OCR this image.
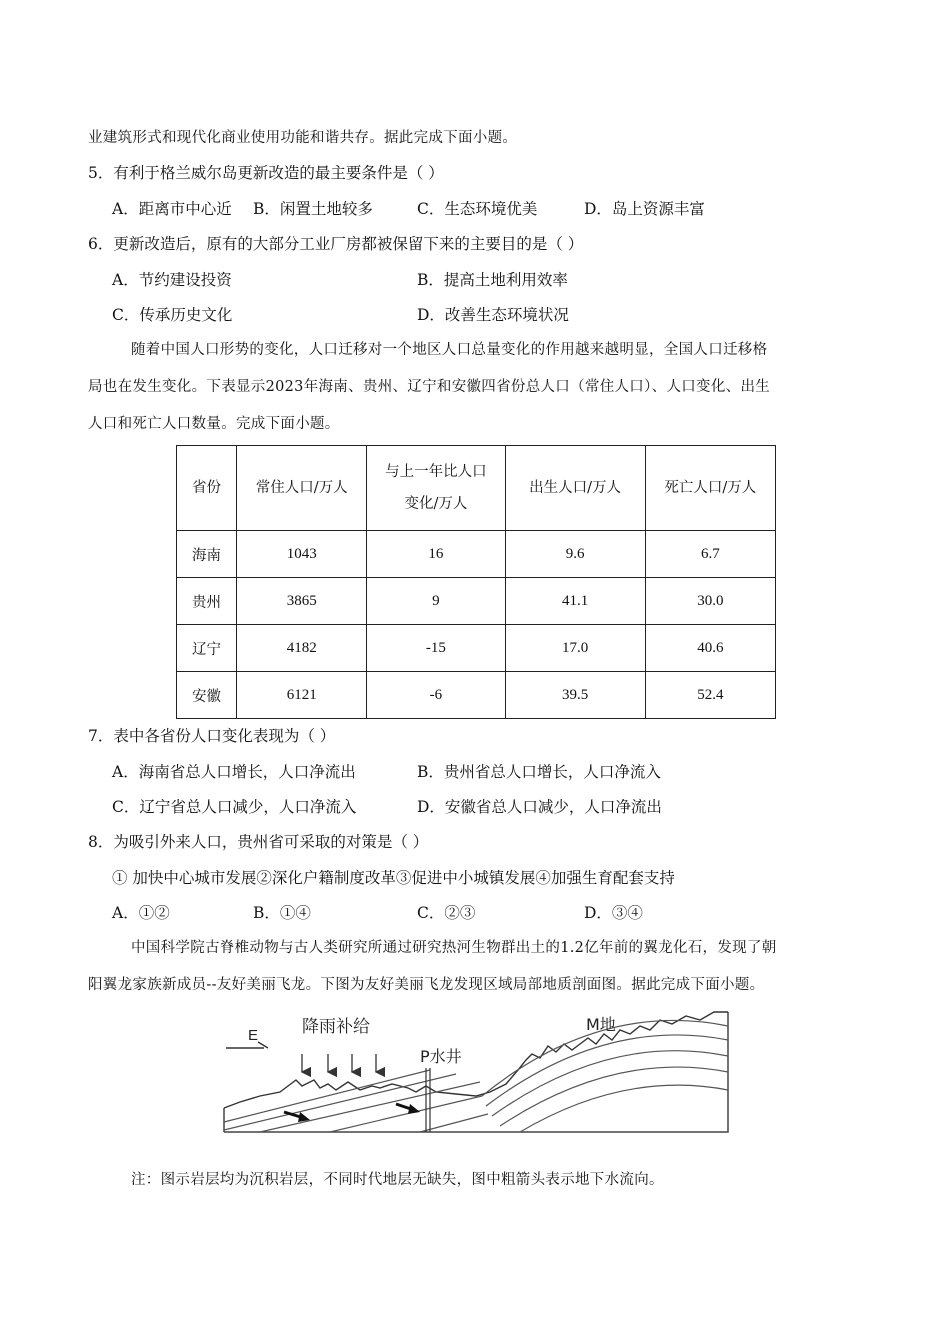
业建筑形式和现代化商业使用功能和谐共存。据此完成下面小题。
5．有利于格兰威尔岛更新改造的最主要条件是（ ）
A．距离市中心近 B．闲置土地较多	C．生态环境优美	D．岛上资源丰富
6．更新改造后，原有的大部分工业厂房都被保留下来的主要目的是（ ）
A．节约建设投资	B．提高土地利用效率
C．传承历史文化	D．改善生态环境状况
随着中国人口形势的变化，人口迁移对一个地区人口总量变化的作用越来越明显，全国人口迁移格
局也在发生变化。下表显示2023年海南、贵州、辽宁和安徽四省份总人口（常住人口）、人口变化、出生
人口和死亡人口数量。完成下面小题。
省份	常住人口/万人	与上一年比人口
变化/万人	出生人口/万人	死亡人口/万人
海南	1043	16	9.6	6.7
贵州	3865	9	41.1	30.0
辽宁	4182	-15	17.0	40.6
安徽	6121	-6	39.5	52.4
7．表中各省份人口变化表现为（ ）
A．海南省总人口增长，人口净流出	B．贵州省总人口增长，人口净流入
C．辽宁省总人口减少，人口净流入	D．安徽省总人口减少，人口净流出
8．为吸引外来人口，贵州省可采取的对策是（ ）
① 加快中心城市发展②深化户籍制度改革③促进中小城镇发展④加强生育配套支持
A．①②	B．①④	C．②③	D．③④
中国科学院古脊椎动物与古人类研究所通过研究热河生物群出土的1.2亿年前的翼龙化石，发现了朝
阳翼龙家族新成员--友好美丽飞龙。下图为友好美丽飞龙发现区域局部地质剖面图。据此完成下面小题。
E	降雨补给
P水井
M地
注：图示岩层均为沉积岩层，不同时代地层无缺失，图中粗箭头表示地下水流向。
